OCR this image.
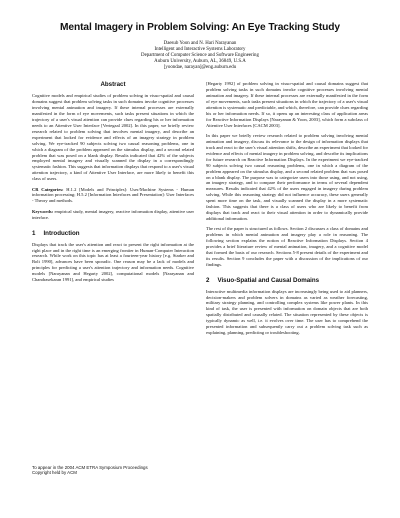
Mental Imagery in Problem Solving: An Eye Tracking Study
Daesub Yoon and N. Hari Narayanan
Intelligent and Interactive Systems Laboratory
Department of Computer Science and Software Engineering
Auburn University, Auburn, AL, 36849, U.S.A
[yoondae, narayan]@eng.auburn.edu
Abstract

Cognitive models and empirical studies of problem solving in visuo-spatial and causal domains suggest that problem solving tasks in such domains invoke cognitive processes involving mental animation and imagery. If these internal processes are externally manifested in the form of eye movements, such tasks present situations in which the trajectory of a user's visual attention can provide clues regarding his or her information needs to an Attentive User Interface [Vertegaal 2002]. In this paper, we briefly review research related to problem solving that involves mental imagery, and describe an experiment that looked for evidence and effects of an imagery strategy in problem solving. We eye-tracked 90 subjects solving two causal reasoning problems, one in which a diagram of the problem appeared on the stimulus display, and a second related problem that was posed on a blank display. Results indicated that 42% of the subjects employed mental imagery and visually scanned the display in a correspondingly systematic fashion. This suggests that information displays that respond to a user's visual attention trajectory, a kind of Attentive User Interface, are more likely to benefit this class of users.

CR Categories: H.1.2 [Models and Principles]: User/Machine Systems - Human information processing; H.5.2 [Information Interfaces and Presentation]: User Interfaces - Theory and methods.

Keywords: empirical study, mental imagery, reactive information display, attentive user interface.

1 Introduction

Displays that track the user's attention and react to present the right information at the right place and in the right time is an emerging frontier in Human-Computer Interaction research. While work on this topic has at least a fourteen-year history [e.g. Starker and Bolt 1990], advances have been sporadic. One reason may be a lack of models and principles for predicting a user's attention trajectory and information needs. Cognitive models [Narayanan and Hegarty 2002], computational models [Narayanan and Chandrasekaran 1991], and empirical studies

To appear in the 2004 ACM ETRA Symposium Proceedings
Copyright held by ACM

[Hegarty 1992] of problem solving in visuo-spatial and causal domains suggest that problem solving tasks in such domains invoke cognitive processes involving mental animation and imagery. If these internal processes are externally manifested in the form of eye movements, such tasks present situations in which the trajectory of a user's visual attention is systematic and predictable, and which, therefore, can provide clues regarding his or her information needs. If so, it opens up an interesting class of application areas for Reactive Information Displays [Narayanan & Yoon, 2003], which form a subclass of Attentive User Interfaces [CACM 2003].

In this paper we briefly review research related to problem solving involving mental animation and imagery, discuss its relevance to the design of information displays that track and react to the user's visual attention shifts, describe an experiment that looked for evidence and effects of mental imagery in problem solving, and describe its implications for future research on Reactive Information Displays. In the experiment we eye-tracked 90 subjects solving two causal reasoning problems, one in which a diagram of the problem appeared on the stimulus display, and a second related problem that was posed on a blank display. The purpose was to categorize users into those using, and not using, an imagery strategy, and to compare their performance in terms of several dependent measures. Results indicated that 42% of the users engaged in imagery during problem solving. While this reasoning strategy did not influence accuracy, these users generally spent more time on the task, and visually scanned the display in a more systematic fashion. This suggests that there is a class of users who are likely to benefit from displays that track and react to their visual attention in order to dynamically provide additional information.

The rest of the paper is structured as follows. Section 2 discusses a class of domains and problems in which mental animation and imagery play a role in reasoning. The following section explains the notion of Reactive Information Displays. Section 4 provides a brief literature review of mental animation, imagery, and a cognitive model that formed the basis of our research. Sections 5-8 present details of the experiment and its results. Section 9 concludes the paper with a discussion of the implications of our findings.

2 Visuo-Spatial and Causal Domains

Interactive multimedia information displays are increasingly being used to aid planners, decision-makers and problem solvers in domains as varied as weather forecasting, military strategy planning, and controlling complex systems like power plants. In this kind of task, the user is presented with information on domain objects that are both spatially distributed and causally related. The situation represented by these objects is typically dynamic as well, i.e. it evolves over time. The user has to comprehend the presented information and subsequently carry out a problem solving task such as explaining, planning, predicting or troubleshooting.
